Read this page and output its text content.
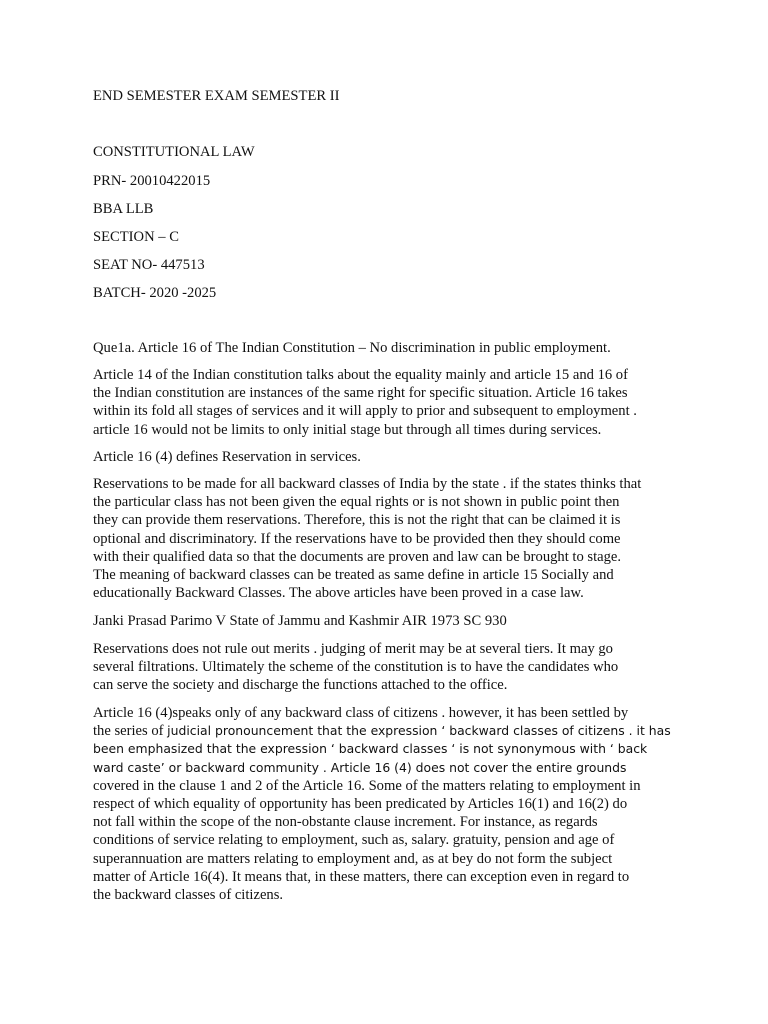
END SEMESTER EXAM SEMESTER II
CONSTITUTIONAL LAW
PRN- 20010422015
BBA LLB
SECTION – C
SEAT NO- 447513
BATCH- 2020 -2025
Que1a. Article 16 of The Indian Constitution – No discrimination in public employment.
Article 14 of the Indian constitution talks about the equality mainly and article 15 and 16 of
the Indian constitution are instances of the same right for specific situation. Article 16 takes
within its fold all stages of services and it will apply to prior and subsequent to employment .
article 16 would not be limits to only initial stage but through all times during services.
Article 16 (4) defines Reservation in services.
Reservations to be made for all backward classes of India by the state . if the states thinks that
the particular class has not been given the equal rights or is not shown in public point then
they can provide them reservations. Therefore, this is not the right that can be claimed it is
optional and discriminatory. If the reservations have to be provided then they should come
with their qualified data so that the documents are proven and law can be brought to stage.
The meaning of backward classes can be treated as same define in article 15 Socially and
educationally Backward Classes. The above articles have been proved in a case law.
Janki Prasad Parimo V State of Jammu and Kashmir AIR 1973 SC 930
Reservations does not rule out merits . judging of merit may be at several tiers. It may go
several filtrations. Ultimately the scheme of the constitution is to have the candidates who
can serve the society and discharge the functions attached to the office.
Article 16 (4)speaks only of any backward class of citizens . however, it has been settled by
the series of judicial pronouncement that the expression ‘ backward classes of citizens . it has
been emphasized that the expression ‘ backward classes ‘ is not synonymous with ‘ back
ward caste’ or backward community . Article 16 (4) does not cover the entire grounds
covered in the clause 1 and 2 of the Article 16. Some of the matters relating to employment in
respect of which equality of opportunity has been predicated by Articles 16(1) and 16(2) do
not fall within the scope of the non-obstante clause increment. For instance, as regards
conditions of service relating to employment, such as, salary. gratuity, pension and age of
superannuation are matters relating to employment and, as at bey do not form the subject
matter of Article 16(4). It means that, in these matters, there can exception even in regard to
the backward classes of citizens.
